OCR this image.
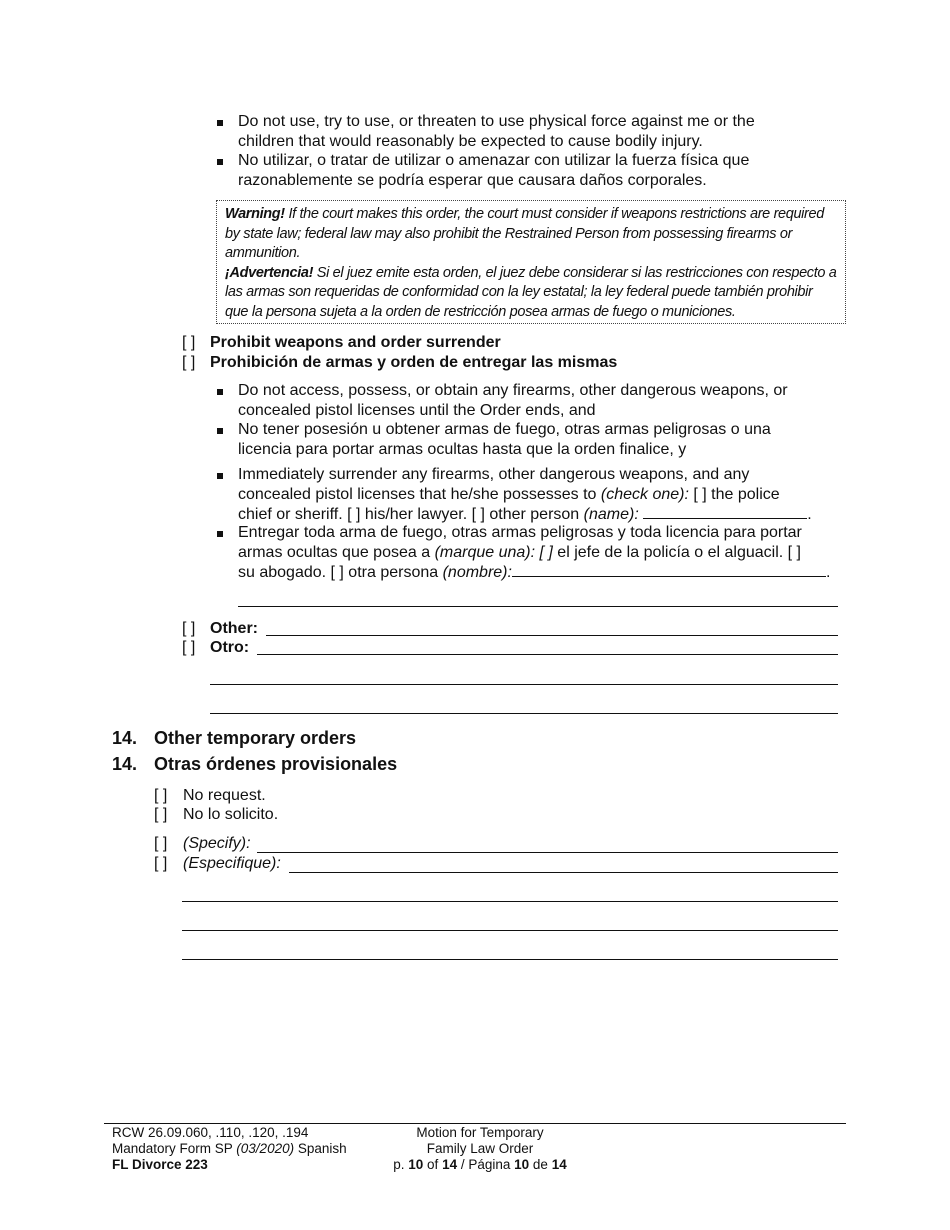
Do not use, try to use, or threaten to use physical force against me or the
children that would reasonably be expected to cause bodily injury.
No utilizar, o tratar de utilizar o amenazar con utilizar la fuerza física que
razonablemente se podría esperar que causara daños corporales.

Warning! If the court makes this order, the court must consider if weapons restrictions are required by state law; federal law may also prohibit the Restrained Person from possessing firearms or ammunition.

¡Advertencia! Si el juez emite esta orden, el juez debe considerar si las restricciones con respecto a las armas son requeridas de conformidad con la ley estatal; la ley federal puede también prohibir que la persona sujeta a la orden de restricción posea armas de fuego o municiones.

[ ] Prohibit weapons and order surrender
[ ] Prohibición de armas y orden de entregar las mismas
Do not access, possess, or obtain any firearms, other dangerous weapons, or
concealed pistol licenses until the Order ends, and
No tener posesión u obtener armas de fuego, otras armas peligrosas o una
licencia para portar armas ocultas hasta que la orden finalice, y
Immediately surrender any firearms, other dangerous weapons, and any
concealed pistol licenses that he/she possesses to (check one): [ ] the police
chief or sheriff. [ ] his/her lawyer. [ ] other person (name):	.
Entregar toda arma de fuego, otras armas peligrosas y toda licencia para portar
armas ocultas que posea a (marque una): [ ] el jefe de la policía o el alguacil. [ ]
su abogado. [ ] otra persona (nombre):	.
[ ] Other:
[ ] Otro:
14. Other temporary orders
14. Otras órdenes provisionales
[ ] No request.
[ ] No lo solicito.
[ ] (Specify):
[ ] (Especifique):
RCW 26.09.060, .110, .120, .194
Mandatory Form SP (03/2020) Spanish
FL Divorce 223
Motion for Temporary
Family Law Order
p. 10 of 14 / Página 10 de 14
